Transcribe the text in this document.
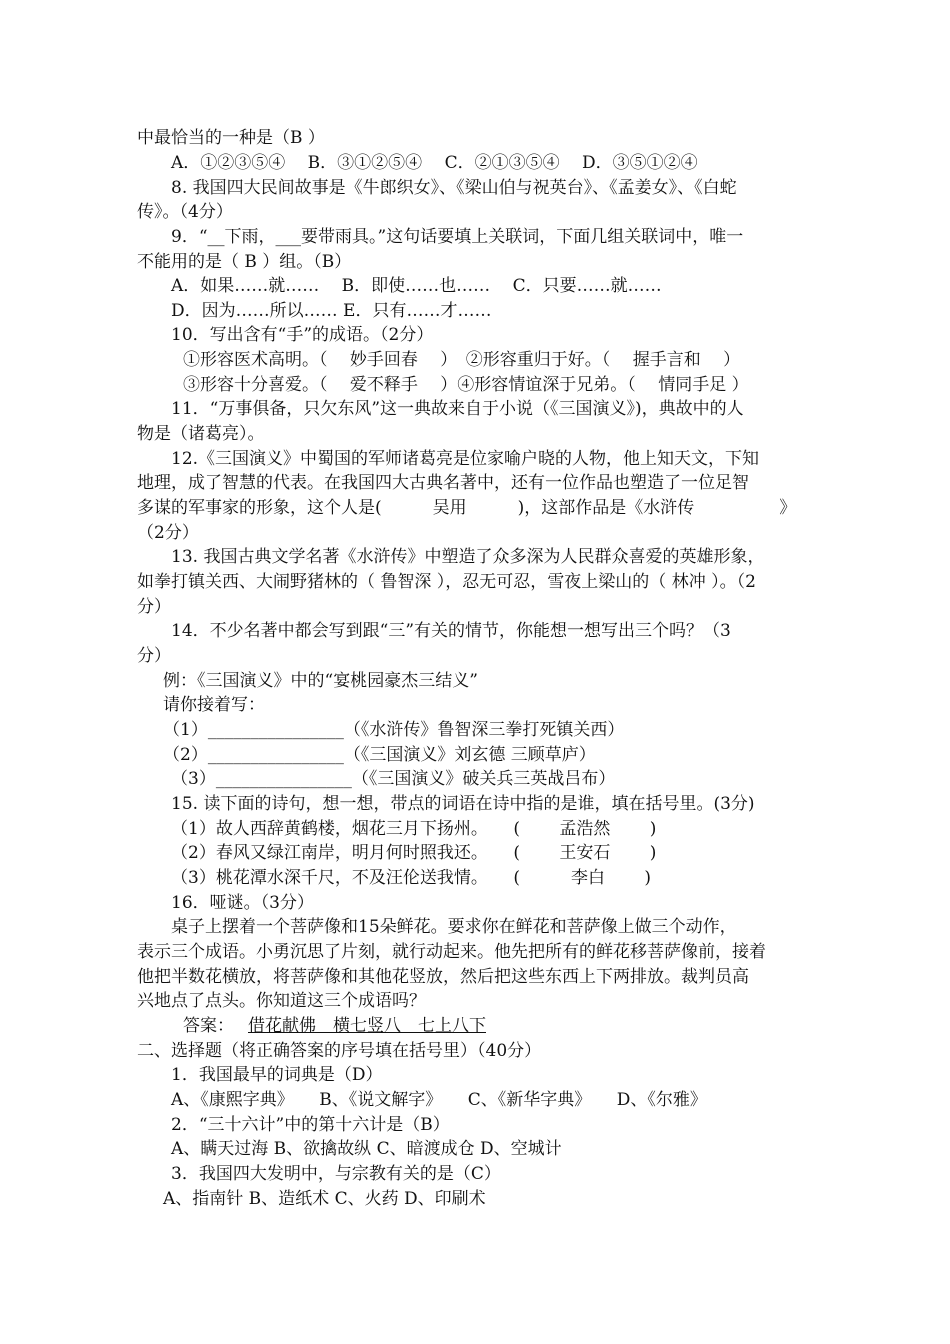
中最恰当的一种是（B ）
A．①②③⑤④　 B．③①②⑤④　 C．②①③⑤④　 D．③⑤①②④
8. 我国四大民间故事是《牛郎织女》、《梁山伯与祝英台》、《孟姜女》、《白蛇
传》。（4分）
9．“__下雨，___要带雨具。”这句话要填上关联词，下面几组关联词中，唯一
不能用的是（ B ）组。（B）
A．如果……就……　 B．即使……也……　 C．只要……就……
D．因为……所以…… E．只有……才……
10．写出含有“手”的成语。（2分）
①形容医术高明。（　 妙手回春　 ）　②形容重归于好。（　 握手言和　 ）
③形容十分喜爱。（　 爱不释手　 ）④形容情谊深于兄弟。（　 情同手足 ）
11．“万事俱备，只欠东风”这一典故来自于小说（《三国演义》)，典故中的人
物是（诸葛亮）。
12.《三国演义》中蜀国的军师诸葛亮是位家喻户晓的人物，他上知天文，下知
地理，成了智慧的代表。在我国四大古典名著中，还有一位作品也塑造了一位足智
多谋的军事家的形象，这个人是(　　　吴用　　　)，这部作品是《水浒传　　　　　》
（2分）
13. 我国古典文学名著《水浒传》中塑造了众多深为人民群众喜爱的英雄形象，
如拳打镇关西、大闹野猪林的（ 鲁智深 ），忍无可忍，雪夜上梁山的（ 林冲 ）。（2
分）
14．不少名著中都会写到跟“三”有关的情节，你能想一想写出三个吗？（3
分）
例：《三国演义》中的“宴桃园豪杰三结义”
请你接着写：
（1）________________（《水浒传》鲁智深三拳打死镇关西）
（2）________________（《三国演义》刘玄德 三顾草庐）
（3）________________（《三国演义》破关兵三英战吕布）
15. 读下面的诗句，想一想，带点的词语在诗中指的是谁，填在括号里。(3分)
（1）故人西辞黄鹤楼，烟花三月下扬州。　　(　　 孟浩然　　 )
（2）春风又绿江南岸，明月何时照我还。　　(　　 王安石　　 )
（3）桃花潭水深千尺，不及汪伦送我情。　　(　　　李白　　 )
16．哑谜。（3分）
桌子上摆着一个菩萨像和15朵鲜花。要求你在鲜花和菩萨像上做三个动作，
表示三个成语。小勇沉思了片刻，就行动起来。他先把所有的鲜花移菩萨像前，接着
他把半数花横放，将菩萨像和其他花竖放，然后把这些东西上下两排放。裁判员高
兴地点了点头。你知道这三个成语吗？
答案： 借花献佛　横七竖八　七上八下
二、选择题（将正确答案的序号填在括号里）（40分）
1．我国最早的词典是（D）
A、《康熙字典》　　B、《说文解字》　　C、《新华字典》　　D、《尔雅》
2．“三十六计”中的第十六计是（B）
A、瞒天过海 B、欲擒故纵 C、暗渡成仓 D、空城计
3．我国四大发明中，与宗教有关的是（C）
A、指南针 B、造纸术 C、火药 D、印刷术
